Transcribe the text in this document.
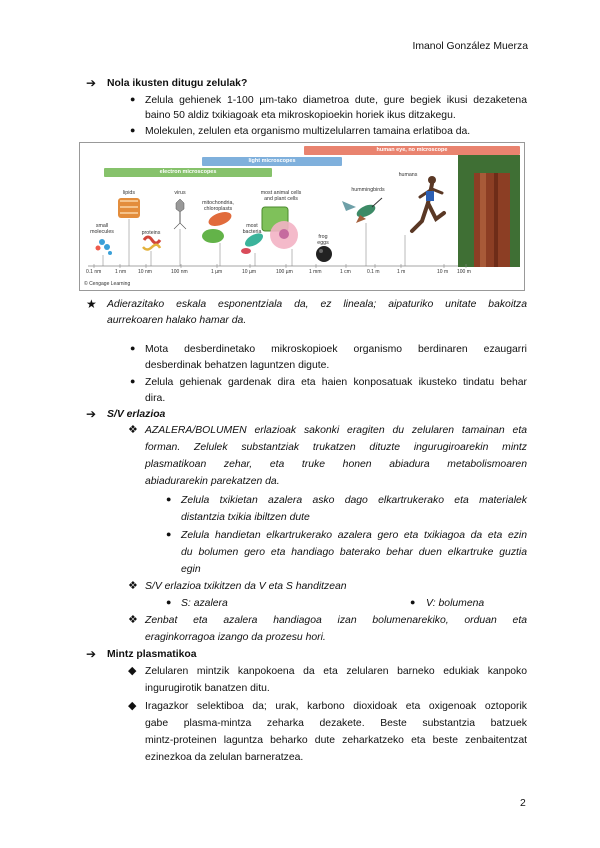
Imanol González Muerza
➔ Nola ikusten ditugu zelulak?
● Zelula gehienek 1-100 µm-tako diametroa dute, gure begiek ikusi dezaketena
baino 50 aldiz txikiagoak eta mikroskopioekin horiek ikus ditzakegu.
● Molekulen, zelulen eta organismo multizelularren tamaina erlatiboa da.
human eye, no microscope
light microscopes
electron microscopes
small molecules
lipids
proteins
virus
mitochondria, chloroplasts
most bacteria
most animal cells and plant cells
frog eggs
hummingbirds
humans
0.1 nm	1 nm 10 nm	100 nm	1 µm	10 µm	100 µm	1 mm	1 cm	0.1 m	1 m	10 m 100 m
© Cengage Learning
★ Adierazitako eskala esponentziala da, ez lineala; aipaturiko unitate bakoitza
aurrekoaren halako hamar da.
● Mota desberdinetako mikroskopioek organismo berdinaren ezaugarri
desberdinak behatzen laguntzen digute.
● Zelula gehienak gardenak dira eta haien konposatuak ikusteko tindatu behar
dira.
➔ S/V erlazioa
❖ AZALERA/BOLUMEN erlazioak sakonki eragiten du zelularen tamainan eta
forman. Zelulek substantziak trukatzen dituzte ingurugiroarekin mintz
plasmatikoan zehar, eta truke honen abiadura metabolismoaren
abiadurarekin parekatzen da.
● Zelula txikietan azalera asko dago elkartrukerako eta materialek
distantzia txikia ibiltzen dute
● Zelula handietan elkartrukerako azalera gero eta txikiagoa da eta ezin
du bolumen gero eta handiago baterako behar duen elkartruke guztia
egin
❖ S/V erlazioa txikitzen da V eta S handitzean
● S: azalera	● V: bolumena
❖ Zenbat eta azalera handiagoa izan bolumenarekiko, orduan eta
eraginkorragoa izango da prozesu hori.
➔ Mintz plasmatikoa
◆ Zelularen mintzik kanpokoena da eta zelularen barneko edukiak kanpoko
ingurugirotik banatzen ditu.
◆ Iragazkor selektiboa da; urak, karbono dioxidoak eta oxigenoak oztoporik
gabe plasma-mintza zeharka dezakete. Beste substantzia batzuek
mintz-proteinen laguntza beharko dute zeharkatzeko eta beste zenbaitentzat
ezinezkoa da zelulan barneratzea.
2
